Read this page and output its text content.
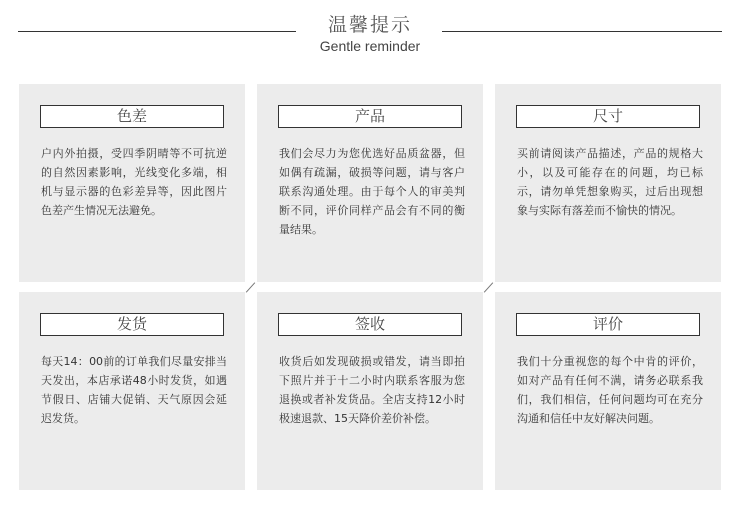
温馨提示
Gentle reminder
色差
户内外拍摄，受四季阴晴等不可抗逆的自然因素影响，光线变化多端，相机与显示器的色彩差异等，因此图片色差产生情况无法避免。
产品
我们会尽力为您优选好品质盆器，但如偶有疏漏，破损等问题，请与客户联系沟通处理。由于每个人的审美判断不同，评价同样产品会有不同的衡量结果。
尺寸
买前请阅读产品描述，产品的规格大小，以及可能存在的问题，均已标示，请勿单凭想象购买，过后出现想象与实际有落差而不愉快的情况。
发货
每天14：00前的订单我们尽量安排当天发出，本店承诺48小时发货，如遇节假日、店铺大促销、天气原因会延迟发货。
签收
收货后如发现破损或错发，请当即拍下照片并于十二小时内联系客服为您退换或者补发货品。全店支持12小时极速退款、15天降价差价补偿。
评价
我们十分重视您的每个中肯的评价，如对产品有任何不满，请务必联系我们，我们相信，任何问题均可在充分沟通和信任中友好解决问题。
